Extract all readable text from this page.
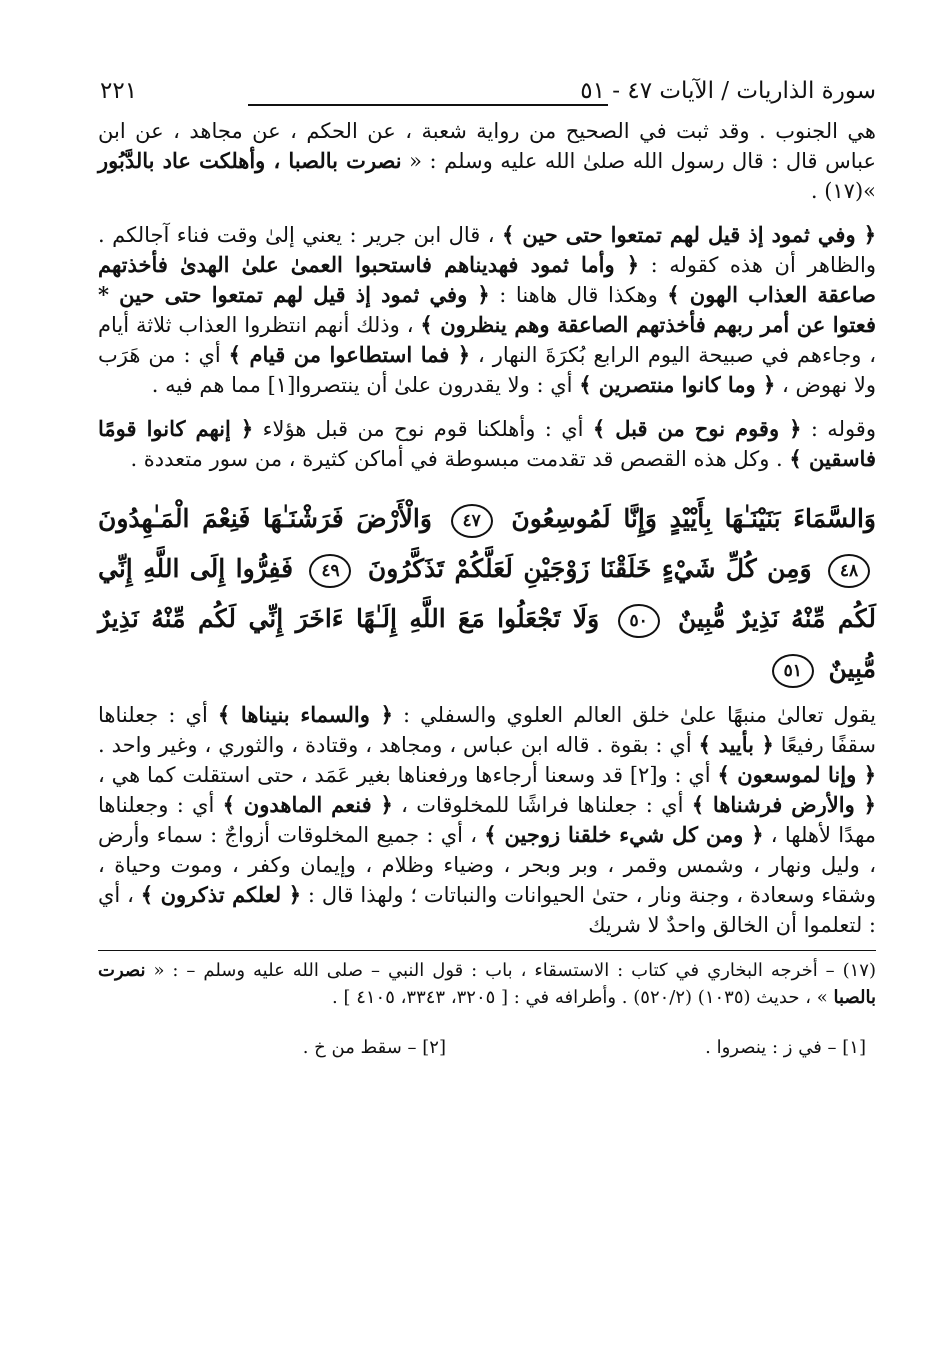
سورة الذاريات / الآيات ٤٧ - ٥١
٢٢١

هي الجنوب . وقد ثبت في الصحيح من رواية شعبة ، عن الحكم ، عن مجاهد ، عن ابن عباس قال : قال رسول الله صلىٰ الله عليه وسلم : « نصرت بالصبا ، وأهلكت عاد بالدَّبُور »(١٧) .

﴿ وفي ثمود إذ قيل لهم تمتعوا حتى حين ﴾ ، قال ابن جرير : يعني إلىٰ وقت فناء آجالكم . والظاهر أن هذه كقوله : ﴿ وأما ثمود فهديناهم فاستحبوا العمىٰ علىٰ الهدىٰ فأخذتهم صاعقة العذاب الهون ﴾ وهكذا قال هاهنا : ﴿ وفي ثمود إذ قيل لهم تمتعوا حتى حين * فعتوا عن أمر ربهم فأخذتهم الصاعقة وهم ينظرون ﴾ ، وذلك أنهم انتظروا العذاب ثلاثة أيام ، وجاءهم في صبيحة اليوم الرابع بُكرَةَ النهار ، ﴿ فما استطاعوا من قيام ﴾ أي : من هَرَب ولا نهوض ، ﴿ وما كانوا منتصرين ﴾ أي : ولا يقدرون علىٰ أن ينتصروا[١] مما هم فيه .

وقوله : ﴿ وقوم نوح من قبل ﴾ أي : وأهلكنا قوم نوح من قبل هؤلاء ﴿ إنهم كانوا قومًا فاسقين ﴾ . وكل هذه القصص قد تقدمت مبسوطة في أماكن كثيرة ، من سور متعددة .

وَالسَّمَاءَ بَنَيْنَـٰهَا بِأَيْيْدٍ وَإِنَّا لَمُوسِعُونَ ٤٧ وَالْأَرْضَ فَرَشْنَـٰهَا فَنِعْمَ الْمَـٰهِدُونَ ٤٨ وَمِن كُلِّ شَيْءٍ خَلَقْنَا زَوْجَيْنِ لَعَلَّكُمْ تَذَكَّرُونَ ٤٩ فَفِرُّوا إِلَى اللَّهِ إِنِّي لَكُم مِّنْهُ نَذِيرٌ مُّبِينٌ ٥٠ وَلَا تَجْعَلُوا مَعَ اللَّهِ إِلَـٰهًا ءَاخَرَ إِنِّي لَكُم مِّنْهُ نَذِيرٌ مُّبِينٌ ٥١

يقول تعالىٰ منبهًا علىٰ خلق العالم العلوي والسفلي : ﴿ والسماء بنيناها ﴾ أي : جعلناها سقفًا رفيعًا ﴿ بأييد ﴾ أي : بقوة . قاله ابن عباس ، ومجاهد ، وقتادة ، والثوري ، وغير واحد . ﴿ وإنا لموسعون ﴾ أي : و[٢] قد وسعنا أرجاءها ورفعناها بغير عَمَد ، حتى استقلت كما هي ، ﴿ والأرض فرشناها ﴾ أي : جعلناها فراشًا للمخلوقات ، ﴿ فنعم الماهدون ﴾ أي : وجعلناها مهدًا لأهلها ، ﴿ ومن كل شيء خلقنا زوجين ﴾ ، أي : جميع المخلوقات أزواجٌ : سماء وأرض ، وليل ونهار ، وشمس وقمر ، وبر وبحر ، وضياء وظلام ، وإيمان وكفر ، وموت وحياة ، وشقاء وسعادة ، وجنة ونار ، حتىٰ الحيوانات والنباتات ؛ ولهذا قال : ﴿ لعلكم تذكرون ﴾ ، أي : لتعلموا أن الخالق واحدٌ لا شريك

(١٧) – أخرجه البخاري في كتاب : الاستسقاء ، باب : قول النبي – صلى الله عليه وسلم – : « نصرت بالصبا » ، حديث (١٠٣٥) (٥٢٠/٢) . وأطرافه في : [ ٣٢٠٥، ٣٣٤٣، ٤١٠٥ ] .

[١] – في ز : ينصروا .
[٢] – سقط من خ .
